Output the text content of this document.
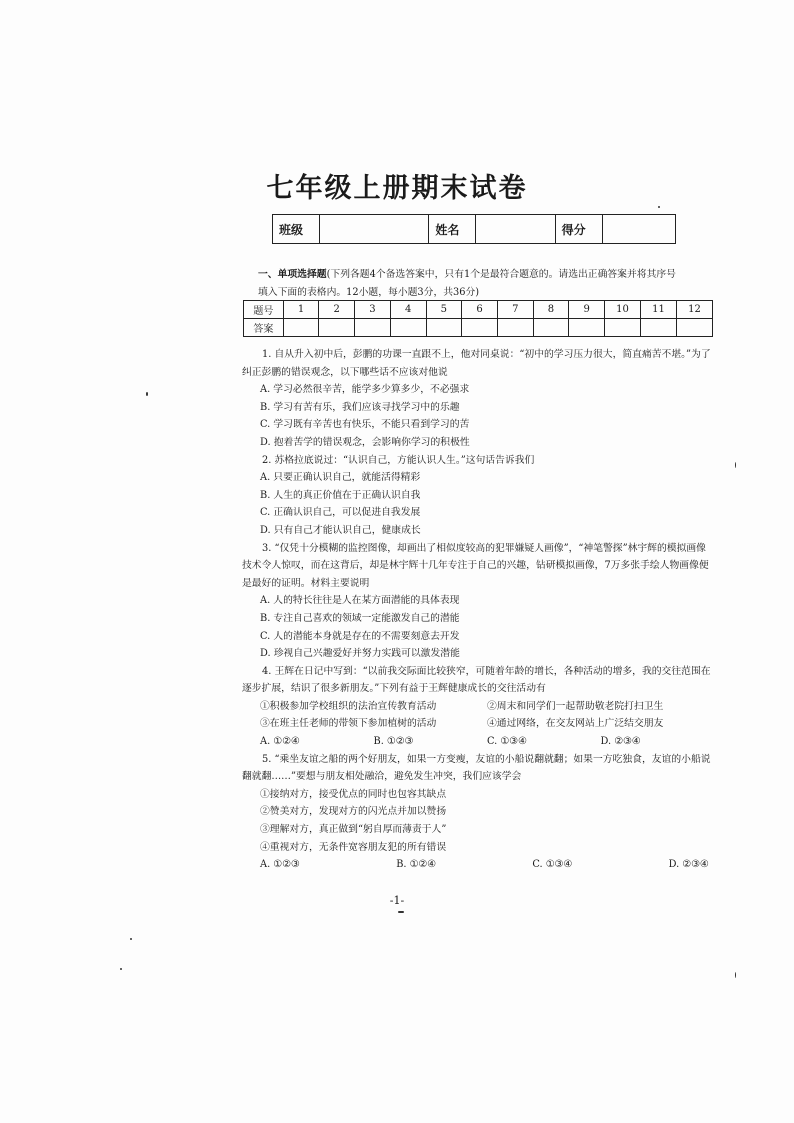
七年级上册期末试卷
班级		姓名		得分	
一、单项选择题(下列各题4个备选答案中，只有1个是最符合题意的。请选出正确答案并将其序号填入下面的表格内。12小题，每小题3分，共36分)
题号	1	2	3	4	5	6	7	8	9	10	11	12
答案												
1. 自从升入初中后，彭鹏的功课一直跟不上，他对同桌说：“初中的学习压力很大，简直痛苦不堪。”为了纠正彭鹏的错误观念，以下哪些话不应该对他说
A. 学习必然很辛苦，能学多少算多少，不必强求
B. 学习有苦有乐，我们应该寻找学习中的乐趣
C. 学习既有辛苦也有快乐，不能只看到学习的苦
D. 抱着苦学的错误观念，会影响你学习的积极性
2. 苏格拉底说过：“认识自己，方能认识人生。”这句话告诉我们
A. 只要正确认识自己，就能活得精彩
B. 人生的真正价值在于正确认识自我
C. 正确认识自己，可以促进自我发展
D. 只有自己才能认识自己，健康成长
3. “仅凭十分模糊的监控图像，却画出了相似度较高的犯罪嫌疑人画像”，“神笔警探”林宇辉的模拟画像技术令人惊叹，而在这背后，却是林宇辉十几年专注于自己的兴趣，钻研模拟画像，7万多张手绘人物画像便是最好的证明。材料主要说明
A. 人的特长往往是人在某方面潜能的具体表现
B. 专注自己喜欢的领域一定能激发自己的潜能
C. 人的潜能本身就是存在的不需要刻意去开发
D. 珍视自己兴趣爱好并努力实践可以激发潜能
4. 王辉在日记中写到：“以前我交际面比较狭窄，可随着年龄的增长，各种活动的增多，我的交往范围在逐步扩展，结识了很多新朋友。”下列有益于王辉健康成长的交往活动有
①积极参加学校组织的法治宣传教育活动	②周末和同学们一起帮助敬老院打扫卫生
③在班主任老师的带领下参加植树的活动	④通过网络，在交友网站上广泛结交朋友
A. ①②④	B. ①②③	C. ①③④	D. ②③④
5. “乘坐友谊之船的两个好朋友，如果一方变瘦，友谊的小船说翻就翻；如果一方吃独食，友谊的小船说翻就翻……”要想与朋友相处融洽，避免发生冲突，我们应该学会
①接纳对方，接受优点的同时也包容其缺点
②赞美对方，发现对方的闪光点并加以赞扬
③理解对方，真正做到“躬自厚而薄责于人”
④重视对方，无条件宽容朋友犯的所有错误
A. ①②③	B. ①②④	C. ①③④	D. ②③④
-1-
